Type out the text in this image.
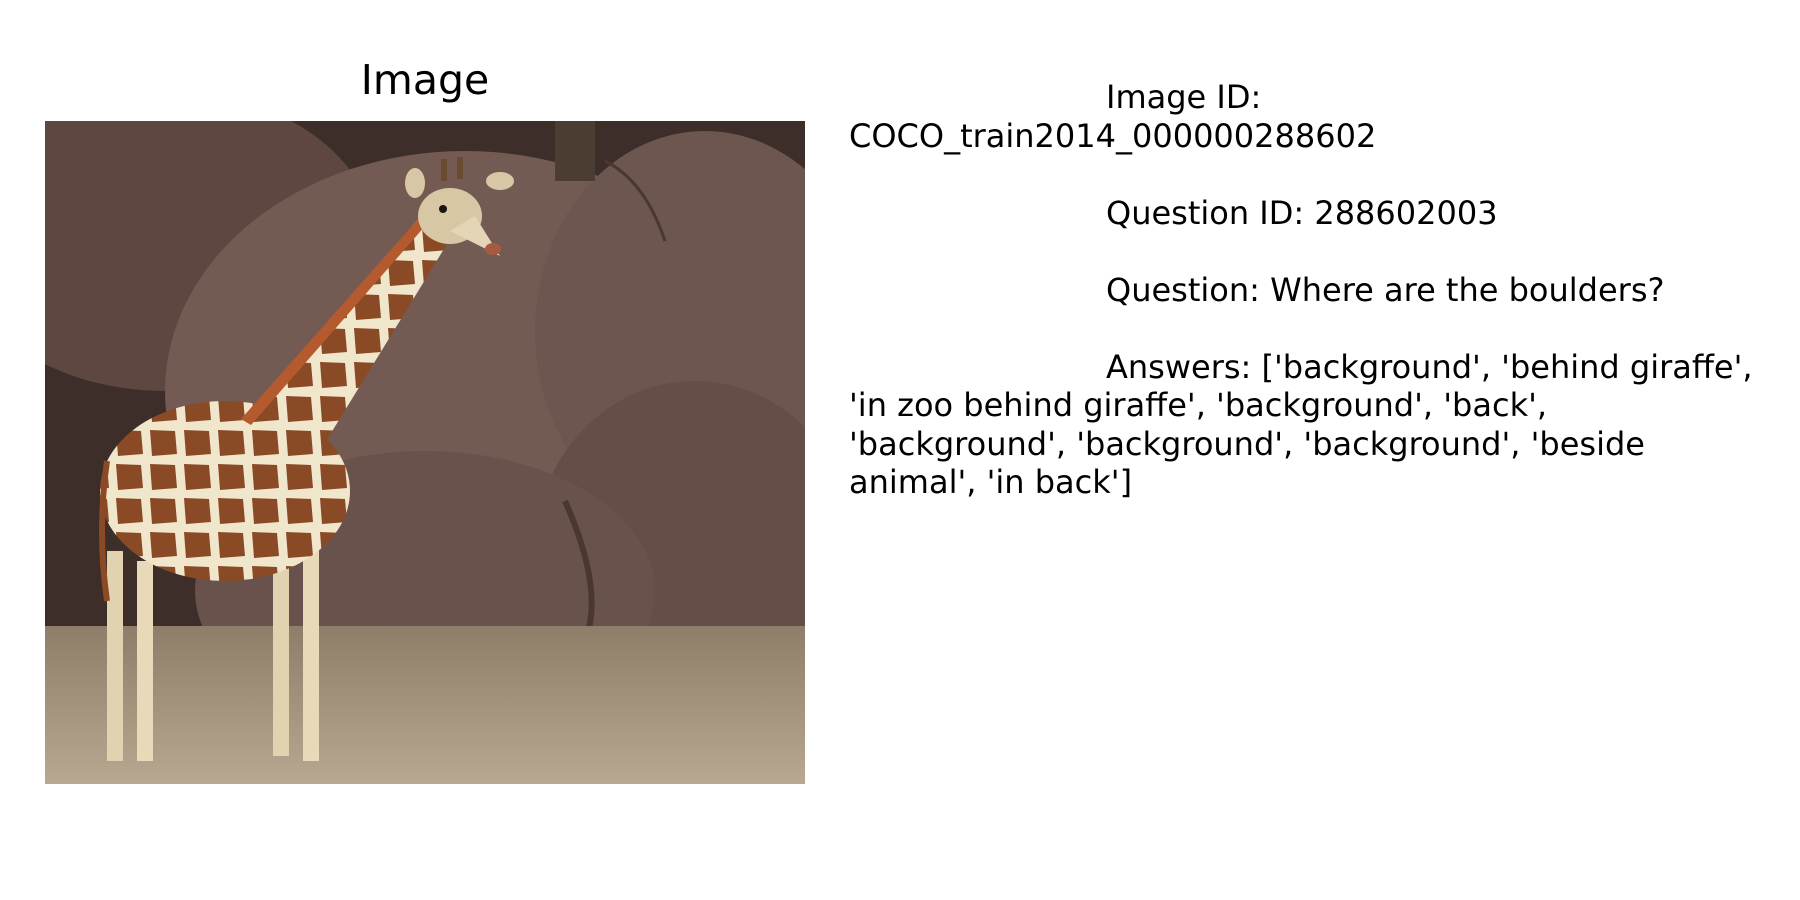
Image	Image ID:
COCO_train2014_000000288602
Question ID: 288602003
Question: Where are the boulders?
Answers: ['background', 'behind giraffe',
'in zoo behind giraffe', 'background', 'back',
'background', 'background', 'background', 'beside
animal', 'in back']
